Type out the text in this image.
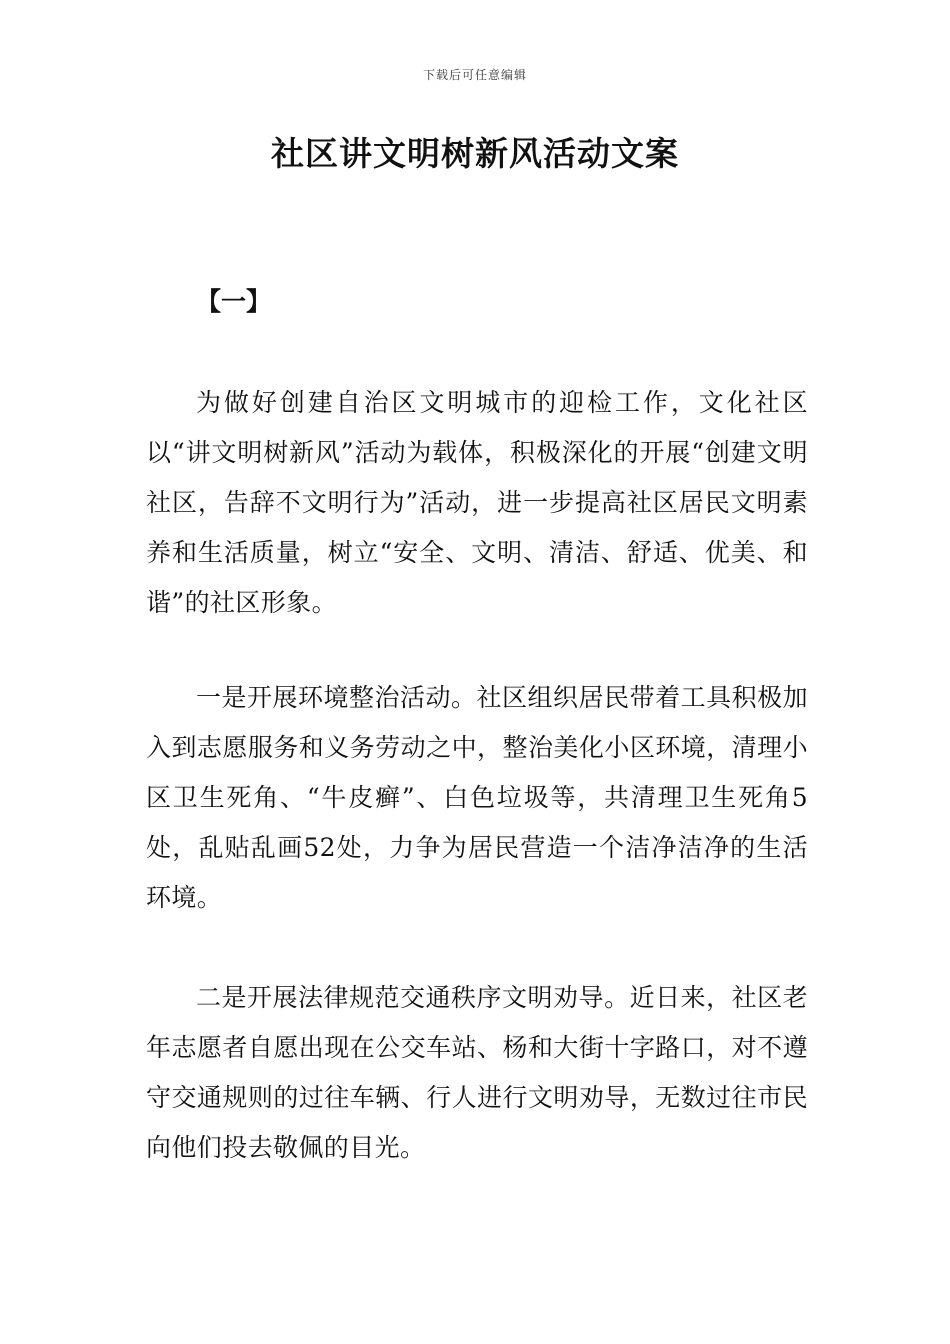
下载后可任意编辑
社区讲文明树新风活动文案
【一】

为做好创建自治区文明城市的迎检工作，文化社区以“讲文明树新风”活动为载体，积极深化的开展“创建文明社区，告辞不文明行为”活动，进一步提高社区居民文明素养和生活质量，树立“安全、文明、清洁、舒适、优美、和谐”的社区形象。

一是开展环境整治活动。社区组织居民带着工具积极加入到志愿服务和义务劳动之中，整治美化小区环境，清理小区卫生死角、“牛皮癣”、白色垃圾等，共清理卫生死角5处，乱贴乱画52处，力争为居民营造一个洁净洁净的生活环境。

二是开展法律规范交通秩序文明劝导。近日来，社区老年志愿者自愿出现在公交车站、杨和大街十字路口，对不遵守交通规则的过往车辆、行人进行文明劝导，无数过往市民向他们投去敬佩的目光。
